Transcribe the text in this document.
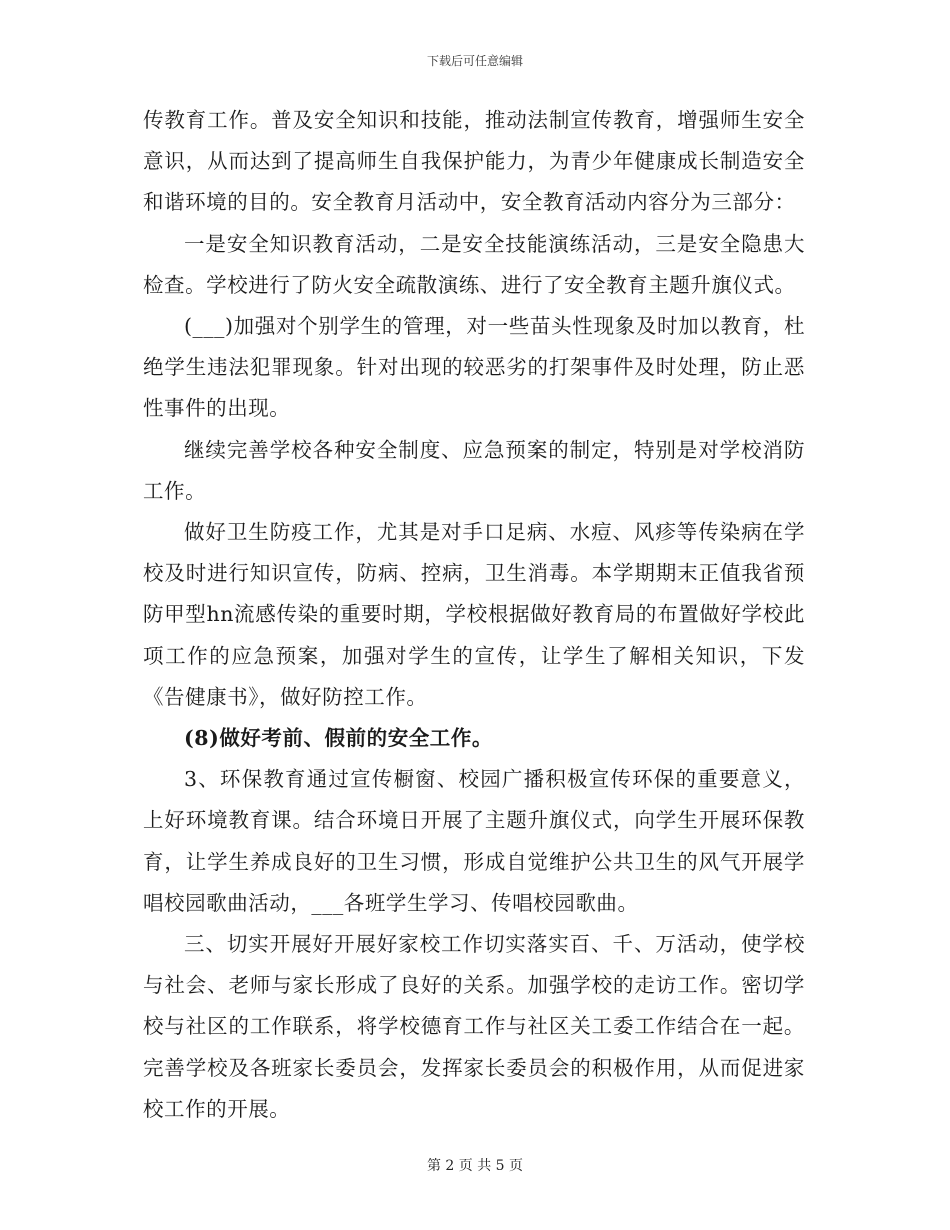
下载后可任意编辑

传教育工作。普及安全知识和技能，推动法制宣传教育，增强师生安全意识，从而达到了提高师生自我保护能力，为青少年健康成长制造安全和谐环境的目的。安全教育月活动中，安全教育活动内容分为三部分：

一是安全知识教育活动，二是安全技能演练活动，三是安全隐患大检查。学校进行了防火安全疏散演练、进行了安全教育主题升旗仪式。

(___)加强对个别学生的管理，对一些苗头性现象及时加以教育，杜绝学生违法犯罪现象。针对出现的较恶劣的打架事件及时处理，防止恶性事件的出现。

继续完善学校各种安全制度、应急预案的制定，特别是对学校消防工作。

做好卫生防疫工作，尤其是对手口足病、水痘、风疹等传染病在学校及时进行知识宣传，防病、控病，卫生消毒。本学期期末正值我省预防甲型hn流感传染的重要时期，学校根据做好教育局的布置做好学校此项工作的应急预案，加强对学生的宣传，让学生了解相关知识，下发《告健康书》，做好防控工作。

(8)做好考前、假前的安全工作。

3、环保教育通过宣传橱窗、校园广播积极宣传环保的重要意义，上好环境教育课。结合环境日开展了主题升旗仪式，向学生开展环保教育，让学生养成良好的卫生习惯，形成自觉维护公共卫生的风气开展学唱校园歌曲活动，___各班学生学习、传唱校园歌曲。

三、切实开展好开展好家校工作切实落实百、千、万活动，使学校与社会、老师与家长形成了良好的关系。加强学校的走访工作。密切学校与社区的工作联系，将学校德育工作与社区关工委工作结合在一起。完善学校及各班家长委员会，发挥家长委员会的积极作用，从而促进家校工作的开展。

第 2 页 共 5 页
